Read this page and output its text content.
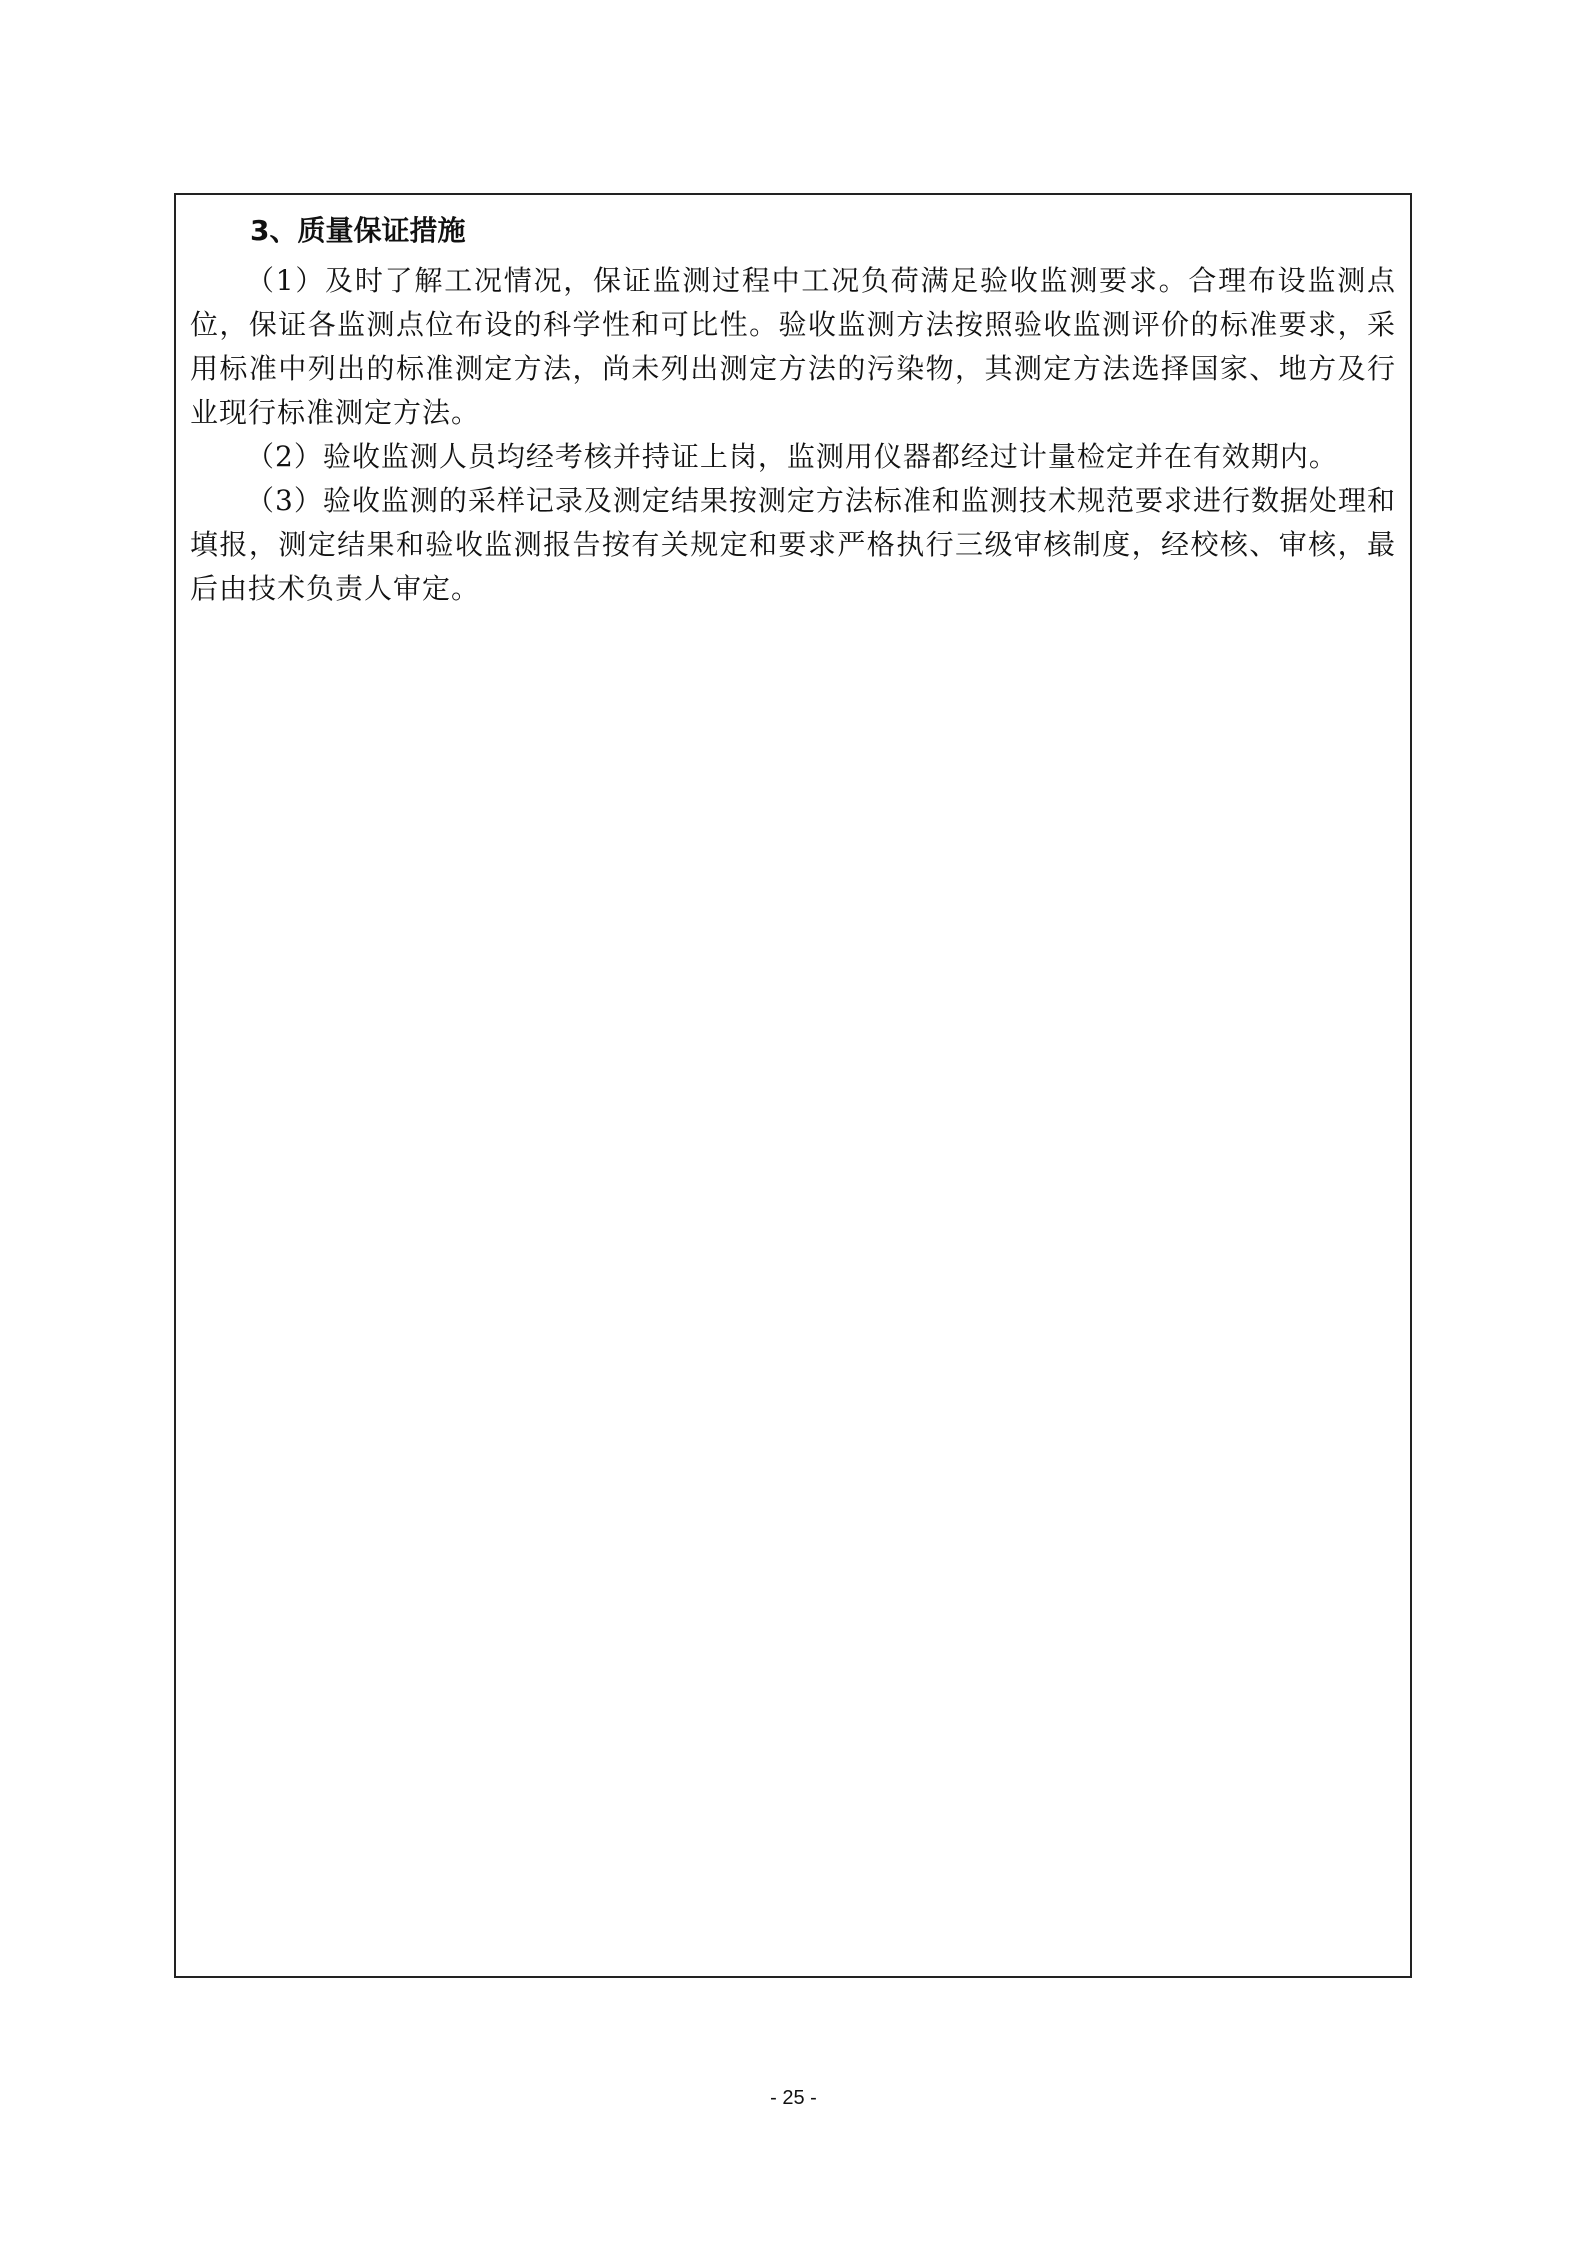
3、质量保证措施

（1）及时了解工况情况，保证监测过程中工况负荷满足验收监测要求。合理布设监测点位，保证各监测点位布设的科学性和可比性。验收监测方法按照验收监测评价的标准要求，采用标准中列出的标准测定方法，尚未列出测定方法的污染物，其测定方法选择国家、地方及行业现行标准测定方法。

（2）验收监测人员均经考核并持证上岗，监测用仪器都经过计量检定并在有效期内。

（3）验收监测的采样记录及测定结果按测定方法标准和监测技术规范要求进行数据处理和填报，测定结果和验收监测报告按有关规定和要求严格执行三级审核制度，经校核、审核，最后由技术负责人审定。

- 25 -
